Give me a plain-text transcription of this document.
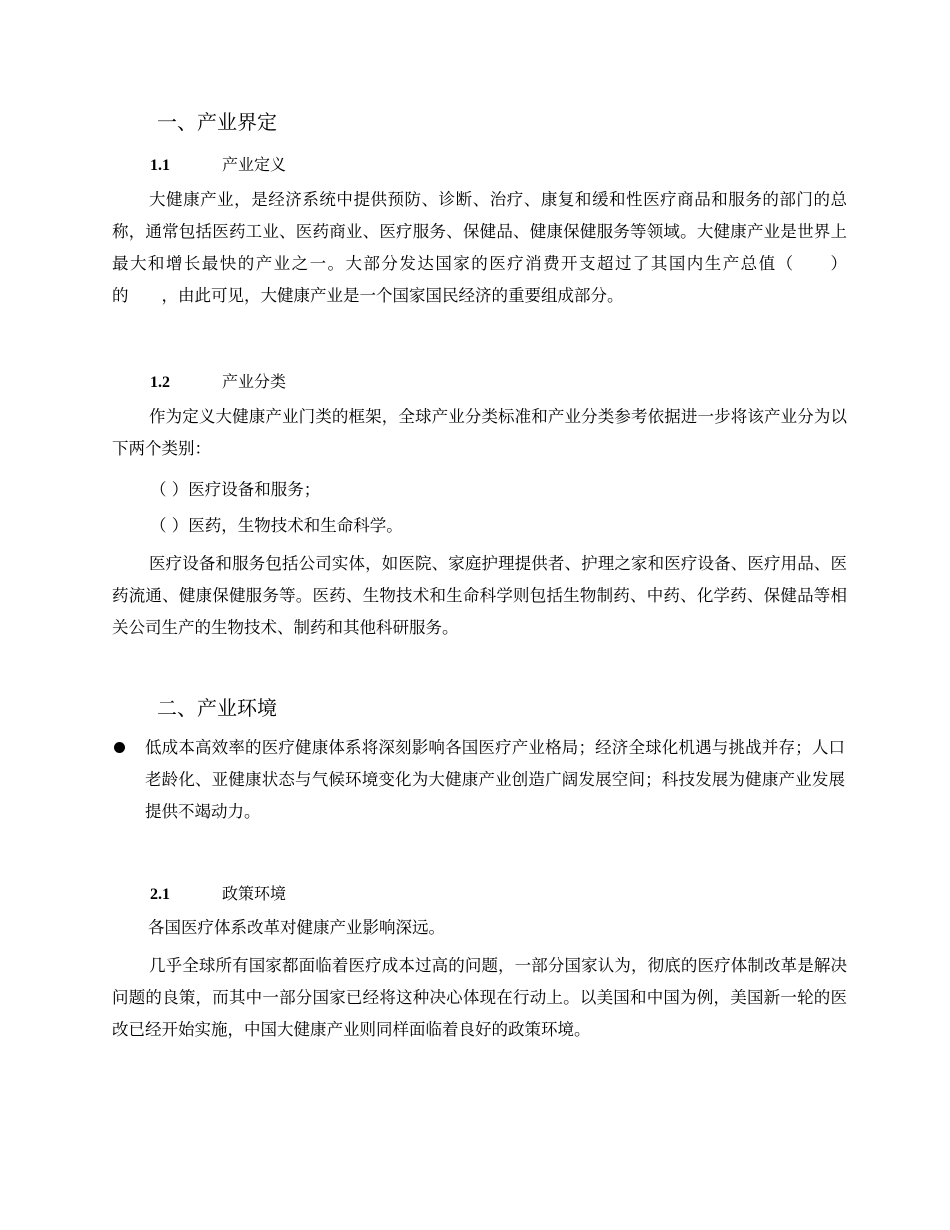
一、产业界定
1.1	产业定义

大健康产业，是经济系统中提供预防、诊断、治疗、康复和缓和性医疗商品和服务的部门的总称，通常包括医药工业、医药商业、医疗服务、保健品、健康保健服务等领域。大健康产业是世界上最大和增长最快的产业之一。大部分发达国家的医疗消费开支超过了其国内生产总值（　　）的　　，由此可见，大健康产业是一个国家国民经济的重要组成部分。

1.2	产业分类

作为定义大健康产业门类的框架，全球产业分类标准和产业分类参考依据进一步将该产业分为以下两个类别：

（ ）医疗设备和服务；
（ ）医药，生物技术和生命科学。

医疗设备和服务包括公司实体，如医院、家庭护理提供者、护理之家和医疗设备、医疗用品、医药流通、健康保健服务等。医药、生物技术和生命科学则包括生物制药、中药、化学药、保健品等相关公司生产的生物技术、制药和其他科研服务。

二、产业环境

低成本高效率的医疗健康体系将深刻影响各国医疗产业格局；经济全球化机遇与挑战并存；人口老龄化、亚健康状态与气候环境变化为大健康产业创造广阔发展空间；科技发展为健康产业发展提供不竭动力。

2.1	政策环境
各国医疗体系改革对健康产业影响深远。

几乎全球所有国家都面临着医疗成本过高的问题，一部分国家认为，彻底的医疗体制改革是解决问题的良策，而其中一部分国家已经将这种决心体现在行动上。以美国和中国为例，美国新一轮的医改已经开始实施，中国大健康产业则同样面临着良好的政策环境。
